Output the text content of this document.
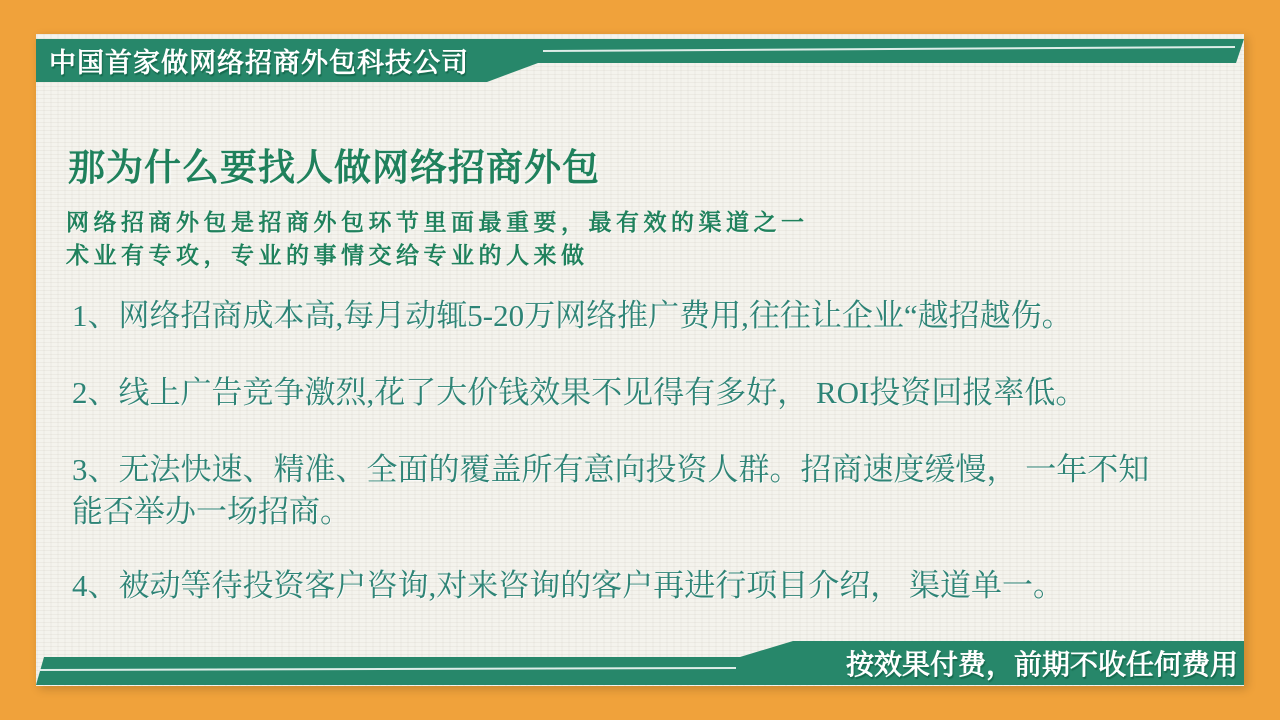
中国首家做网络招商外包科技公司
那为什么要找人做网络招商外包
网络招商外包是招商外包环节里面最重要，最有效的渠道之一
术业有专攻，专业的事情交给专业的人来做
1、网络招商成本高,每月动辄5-20万网络推广费用,往往让企业“越招越伤。
2、线上广告竞争激烈,花了大价钱效果不见得有多好， ROI投资回报率低。
3、无法快速、精准、全面的覆盖所有意向投资人群。招商速度缓慢， 一年不知
能否举办一场招商。
4、被动等待投资客户咨询,对来咨询的客户再进行项目介绍， 渠道单一。
按效果付费，前期不收任何费用
